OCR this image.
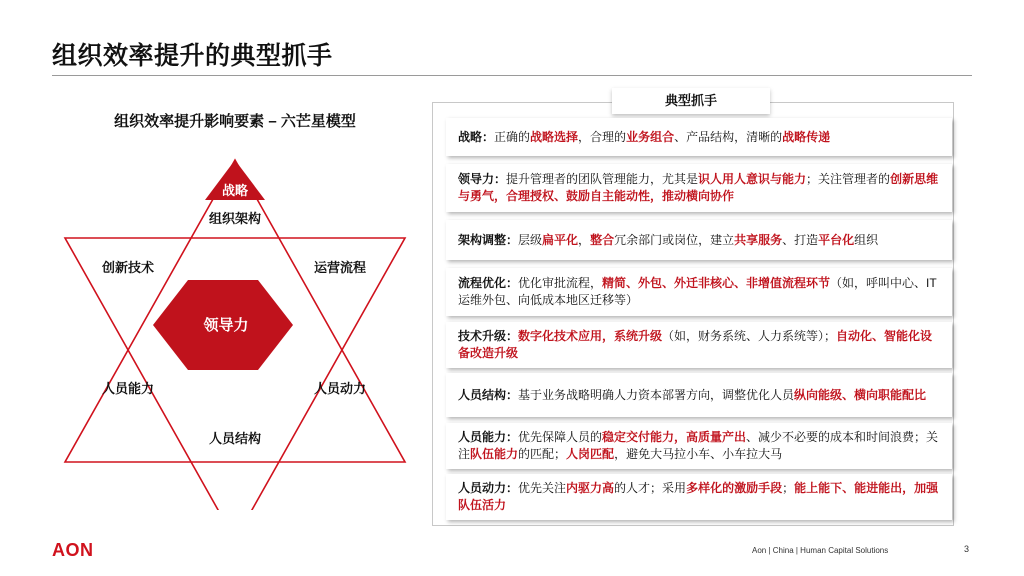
组织效率提升的典型抓手
组织效率提升影响要素 – 六芒星模型
战略
领导力
组织架构
创新技术	运营流程
人员能力	人员动力
人员结构
典型抓手
战略：正确的战略选择，合理的业务组合、产品结构，清晰的战略传递
领导力：提升管理者的团队管理能力，尤其是识人用人意识与能力；关注管理者的创新思维与勇气，合理授权、鼓励自主能动性，推动横向协作
架构调整：层级扁平化，整合冗余部门或岗位，建立共享服务、打造平台化组织
流程优化：优化审批流程，精简、外包、外迁非核心、非增值流程环节（如，呼叫中心、IT运维外包、向低成本地区迁移等）
技术升级：数字化技术应用，系统升级（如，财务系统、人力系统等）；自动化、智能化设备改造升级
人员结构：基于业务战略明确人力资本部署方向，调整优化人员纵向能级、横向职能配比
人员能力：优先保障人员的稳定交付能力，高质量产出、减少不必要的成本和时间浪费；关注队伍能力的匹配；人岗匹配，避免大马拉小车、小车拉大马
人员动力：优先关注内驱力高的人才；采用多样化的激励手段；能上能下、能进能出，加强队伍活力
AON	Aon | China | Human Capital Solutions	3
